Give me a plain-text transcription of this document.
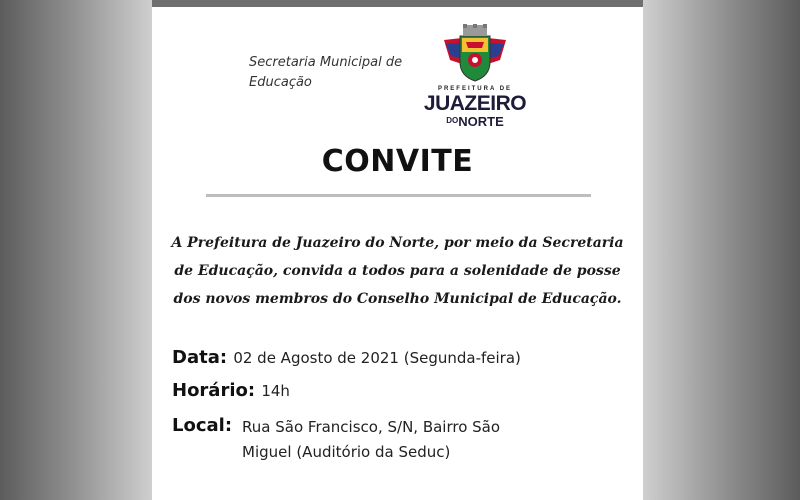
Secretaria Municipal de Educação	PREFEITURA DE
JUAZEIRO
$^{DO}$NORTE
CONVITE
A Prefeitura de Juazeiro do Norte, por meio da Secretaria de Educação, convida a todos para a solenidade de posse dos novos membros do Conselho Municipal de Educação.
Data: 02 de Agosto de 2021 (Segunda-feira)
Horário: 14h
Local: Rua São Francisco, S/N, Bairro São Miguel (Auditório da Seduc)
